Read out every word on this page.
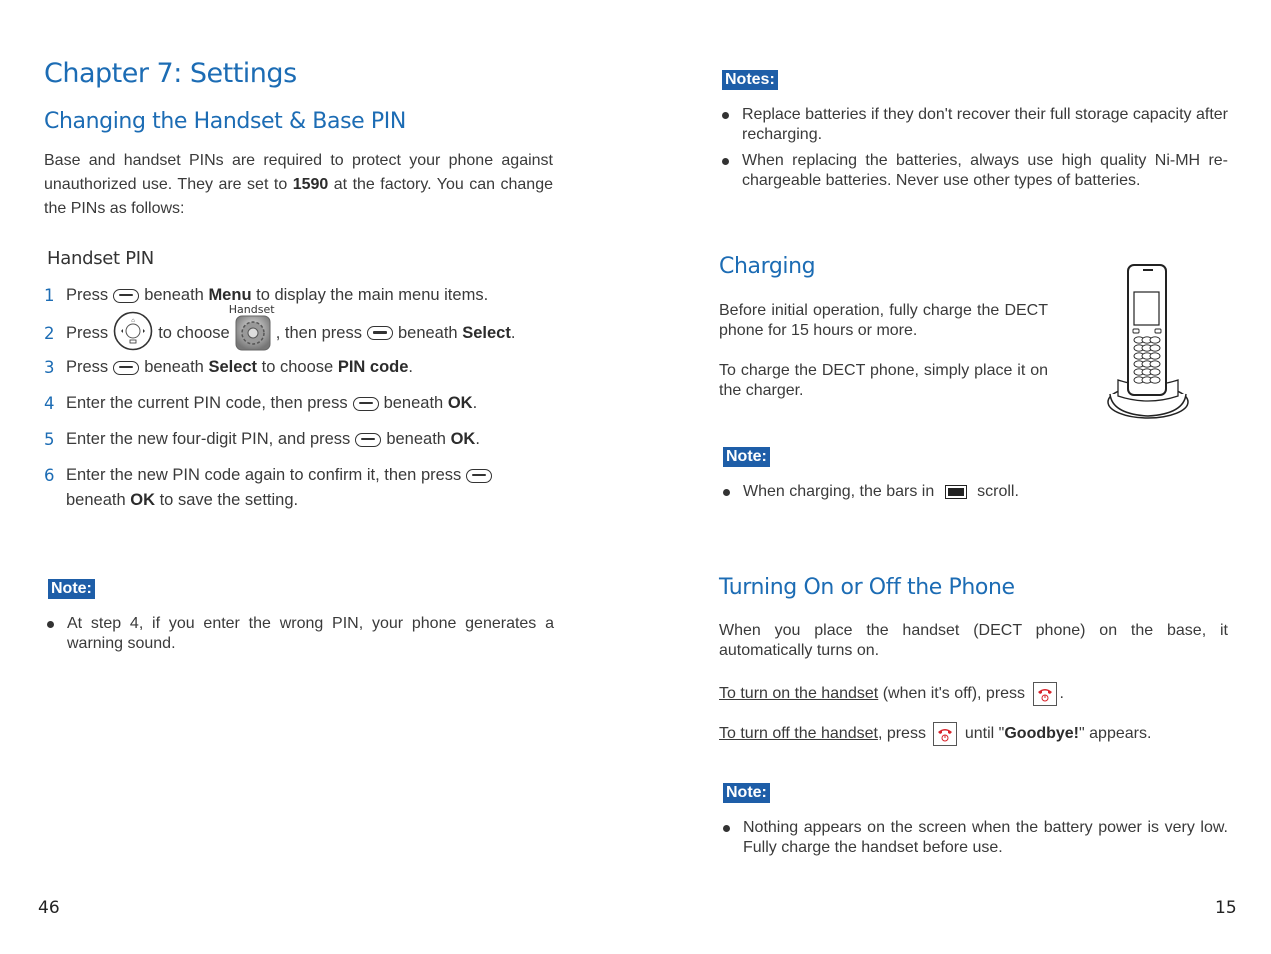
Chapter 7: Settings
Changing the Handset & Base PIN
Base and handset PINs are required to protect your phone against unauthorized use. They are set to 1590 at the factory. You can change the PINs as follows:
Handset PIN
1 Press beneath
Menu
to display the main menu items.
2 Press
⌂
to choose
Handset
, then press beneath
Select .
3 Press beneath
Select
to choose
PIN code .
4 Enter the current PIN code, then press beneath
OK .
5 Enter the new four-digit PIN, and press beneath
OK .
6 Enter the new PIN code again to confirm it, then press
beneath
OK
to save the setting.
Note:
At step 4, if you enter the wrong PIN, your phone generates a warning sound.
46
Notes:
Replace batteries if they don't recover their full storage capacity after recharging.
When replacing the batteries, always use high quality Ni-MH re-chargeable batteries. Never use other types of batteries.
Charging
Before initial operation, fully charge the DECT phone for 15 hours or more.
To charge the DECT phone, simply place it on the charger.
Note:
When charging, the bars in	scroll.
Turning On or Off the Phone
When you place the handset (DECT phone) on the base, it automatically turns on.
To turn on the handset (when it's off), press .
To turn off the handset, press until "Goodbye!" appears.
Note:
Nothing appears on the screen when the battery power is very low. Fully charge the handset before use.
15
